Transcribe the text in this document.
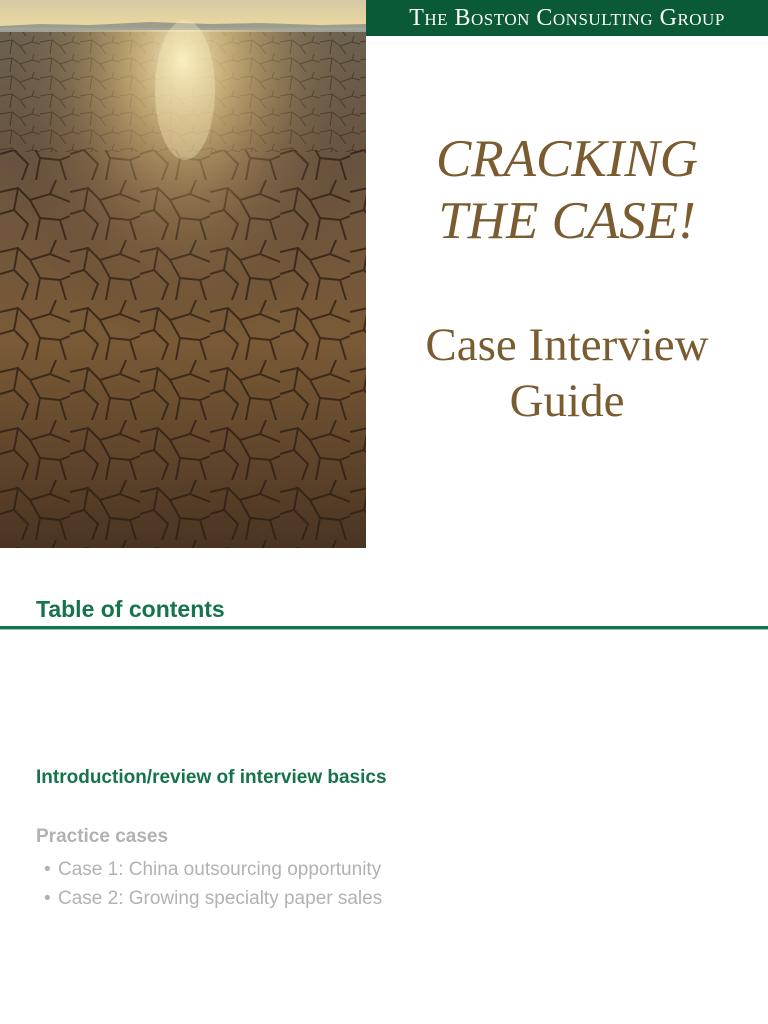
The Boston Consulting Group
CRACKING
THE CASE!
Case Interview
Guide
Table of contents
Introduction/review of interview basics
Practice cases
• Case 1: China outsourcing opportunity
• Case 2: Growing specialty paper sales
